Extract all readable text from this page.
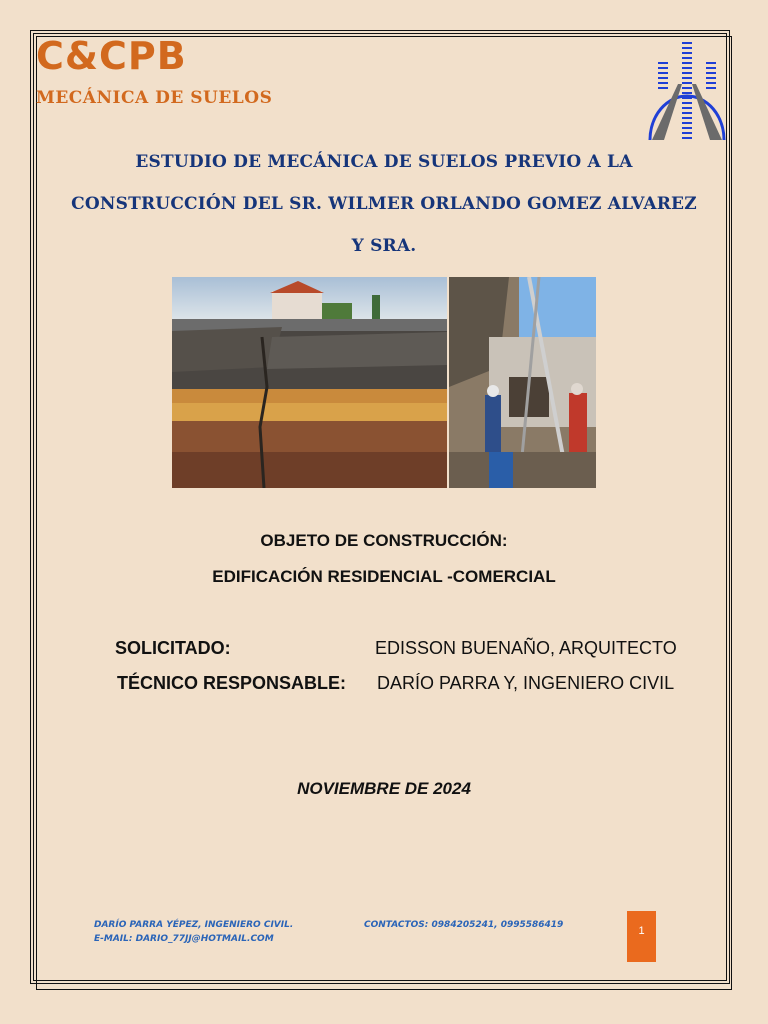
C&CPB
MECÁNICA DE SUELOS
ESTUDIO DE MECÁNICA DE SUELOS PREVIO A LA
CONSTRUCCIÓN DEL SR. WILMER ORLANDO GOMEZ ALVAREZ
Y SRA.
OBJETO DE CONSTRUCCIÓN:
EDIFICACIÓN RESIDENCIAL -COMERCIAL
SOLICITADO:	EDISSON BUENAÑO, ARQUITECTO
TÉCNICO RESPONSABLE: DARÍO PARRA Y, INGENIERO CIVIL
NOVIEMBRE DE 2024
DARÍO PARRA YÉPEZ, INGENIERO CIVIL.
E-MAIL: DARIO_77JJ@HOTMAIL.COM
CONTACTOS: 0984205241, 0995586419	1
